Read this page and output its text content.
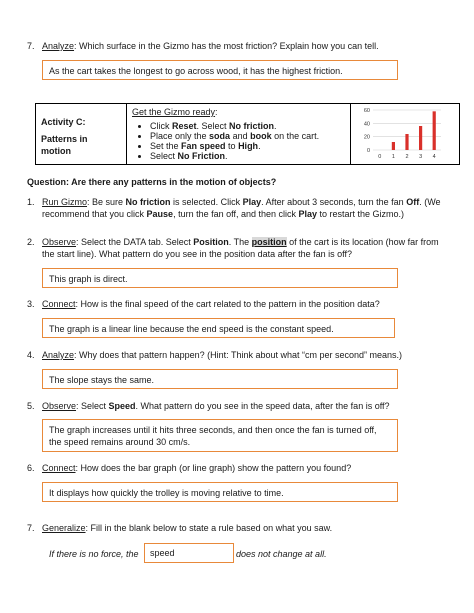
7. Analyze: Which surface in the Gizmo has the most friction? Explain how you can tell.
As the cart takes the longest to go across wood, it has the highest friction.
Activity C:
Patterns in motion

Get the Gizmo ready:
• Click Reset. Select No friction.
• Place only the soda and book on the cart.
• Set the Fan speed to High.
• Select No Friction.

60
40
20
0
0 1 2 3 4
Question: Are there any patterns in the motion of objects?
1. Run Gizmo: Be sure No friction is selected. Click Play. After about 3 seconds, turn the fan Off. (We recommend that you click Pause, turn the fan off, and then click Play to restart the Gizmo.)
2. Observe: Select the DATA tab. Select Position. The position of the cart is its location (how far from the start line). What pattern do you see in the position data after the fan is off?
This graph is direct.
3. Connect: How is the final speed of the cart related to the pattern in the position data?
The graph is a linear line because the end speed is the constant speed.
4. Analyze: Why does that pattern happen? (Hint: Think about what “cm per second” means.)
The slope stays the same.
5. Observe: Select Speed. What pattern do you see in the speed data, after the fan is off?
The graph increases until it hits three seconds, and then once the fan is turned off, the speed remains around 30 cm/s.
6. Connect: How does the bar graph (or line graph) show the pattern you found?
It displays how quickly the trolley is moving relative to time.
7. Generalize: Fill in the blank below to state a rule based on what you saw.
If there is no force, the	speed	does not change at all.
